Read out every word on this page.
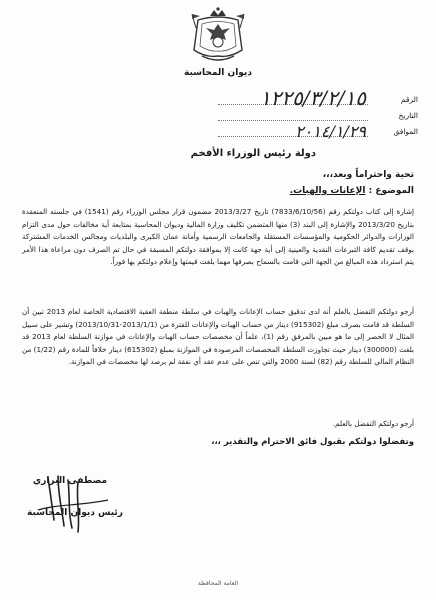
ديوان المحاسبة
الرقم
١٢٢٥/٣/٢/١٥
التاريخ
الموافق
٢٠١٤/١/٢٩
دولة رئيس الوزراء الأفخم
تحية واحتراماً وبعد،،،
الموضوع : الإعانات والهبات.
إشارة إلى كتاب دولتكم رقم (7833/6/10/56) تاريخ 2013/3/27 مضمون قرار مجلس الوزراء رقم (1541) في جلسته المنعقدة بتاريخ 2013/3/20 والإشارة إلى البند (3) منها المتضمن تكليف وزارة المالية وديوان المحاسبة بمتابعة أية مخالفات حول مدى التزام الوزارات والدوائر الحكومية والمؤسسات المستقلة والجامعات الرسمية وأمانة عمان الكبرى والبلديات ومجالس الخدمات المشتركة بوقف تقديم كافة التبرعات النقدية والعينية إلى أية جهة كانت إلا بموافقة دولتكم المسبقة في حال تم الصرف دون مراعاة هذا الأمر يتم استرداد هذه المبالغ من الجهة التي قامت بالسماح بصرفها مهما بلغت قيمتها وإعلام دولتكم بها فوراً.
أرجو دولتكم التفضل بالعلم أنه لدى تدقيق حساب الإعانات والهبات في سلطة منطقة العقبة الاقتصادية الخاصة لعام 2013 تبين أن السلطة قد قامت بصرف مبلغ (915302) دينار من حساب الهبات والإعانات للفترة من (2013/1/1-2013/10/31) وتشير على سبيل المثال لا الحصر إلى ما هو مبين بالمرفق رقم (1)، علماً أن مخصصات حساب الهبات والإعانات في موازنة السلطة لعام 2013 قد بلغت (300000) دينار حيث تجاوزت السلطة المخصصات المرصودة في الموازنة بمبلغ (615302) دينار خلافاً للمادة رقم (1/22) من النظام المالي للسلطة رقم (82) لسنة 2000 والتي تنص على عدم عقد أي نفقة لم يرصد لها مخصصات في الموازنة.
أرجو دولتكم التفضل بالعلم.
وتفضلوا دولتكم بقبول فائق الاحترام والتقدير ،،،
مصطفى البراري
رئيس ديوان المحاسبة
العامة المحافظة
